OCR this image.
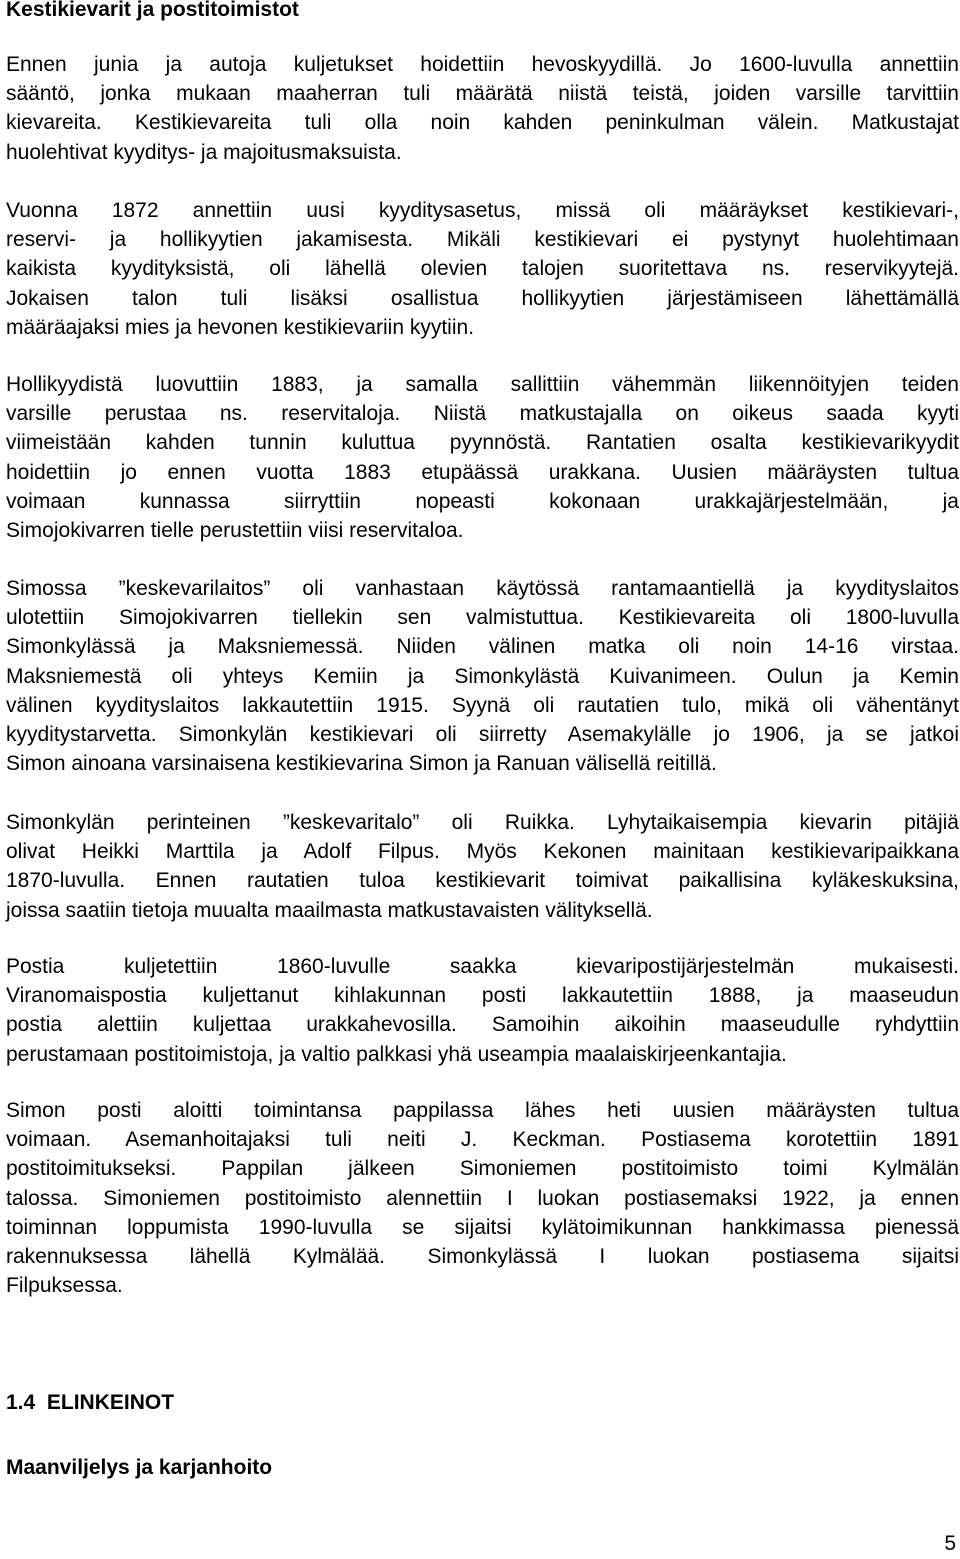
Kestikievarit ja postitoimistot
Ennen junia ja autoja kuljetukset hoidettiin hevoskyydillä. Jo 1600-luvulla annettiin
sääntö, jonka mukaan maaherran tuli määrätä niistä teistä, joiden varsille tarvittiin
kievareita. Kestikievareita tuli olla noin kahden peninkulman välein. Matkustajat
huolehtivat kyyditys- ja majoitusmaksuista.
Vuonna 1872 annettiin uusi kyyditysasetus, missä oli määräykset kestikievari-,
reservi- ja hollikyytien jakamisesta. Mikäli kestikievari ei pystynyt huolehtimaan
kaikista kyydityksistä, oli lähellä olevien talojen suoritettava ns. reservikyytejä.
Jokaisen talon tuli lisäksi osallistua hollikyytien järjestämiseen lähettämällä
määräajaksi mies ja hevonen kestikievariin kyytiin.
Hollikyydistä luovuttiin 1883, ja samalla sallittiin vähemmän liikennöityjen teiden
varsille perustaa ns. reservitaloja. Niistä matkustajalla on oikeus saada kyyti
viimeistään kahden tunnin kuluttua pyynnöstä. Rantatien osalta kestikievarikyydit
hoidettiin jo ennen vuotta 1883 etupäässä urakkana. Uusien määräysten tultua
voimaan kunnassa siirryttiin nopeasti kokonaan urakkajärjestelmään, ja
Simojokivarren tielle perustettiin viisi reservitaloa.
Simossa ”keskevarilaitos” oli vanhastaan käytössä rantamaantiellä ja kyydityslaitos
ulotettiin Simojokivarren tiellekin sen valmistuttua. Kestikievareita oli 1800-luvulla
Simonkylässä ja Maksniemessä. Niiden välinen matka oli noin 14-16 virstaa.
Maksniemestä oli yhteys Kemiin ja Simonkylästä Kuivanimeen. Oulun ja Kemin
välinen kyydityslaitos lakkautettiin 1915. Syynä oli rautatien tulo, mikä oli vähentänyt
kyyditystarvetta. Simonkylän kestikievari oli siirretty Asemakylälle jo 1906, ja se jatkoi
Simon ainoana varsinaisena kestikievarina Simon ja Ranuan välisellä reitillä.
Simonkylän perinteinen ”keskevaritalo” oli Ruikka. Lyhytaikaisempia kievarin pitäjiä
olivat Heikki Marttila ja Adolf Filpus. Myös Kekonen mainitaan kestikievaripaikkana
1870-luvulla. Ennen rautatien tuloa kestikievarit toimivat paikallisina kyläkeskuksina,
joissa saatiin tietoja muualta maailmasta matkustavaisten välityksellä.
Postia kuljetettiin 1860-luvulle saakka kievaripostijärjestelmän mukaisesti.
Viranomaispostia kuljettanut kihlakunnan posti lakkautettiin 1888, ja maaseudun
postia alettiin kuljettaa urakkahevosilla. Samoihin aikoihin maaseudulle ryhdyttiin
perustamaan postitoimistoja, ja valtio palkkasi yhä useampia maalaiskirjeenkantajia.
Simon posti aloitti toimintansa pappilassa lähes heti uusien määräysten tultua
voimaan. Asemanhoitajaksi tuli neiti J. Keckman. Postiasema korotettiin 1891
postitoimitukseksi. Pappilan jälkeen Simoniemen postitoimisto toimi Kylmälän
talossa. Simoniemen postitoimisto alennettiin I luokan postiasemaksi 1922, ja ennen
toiminnan loppumista 1990-luvulla se sijaitsi kylätoimikunnan hankkimassa pienessä
rakennuksessa lähellä Kylmälää. Simonkylässä I luokan postiasema sijaitsi
Filpuksessa.
1.4  ELINKEINOT
Maanviljelys ja karjanhoito
5
